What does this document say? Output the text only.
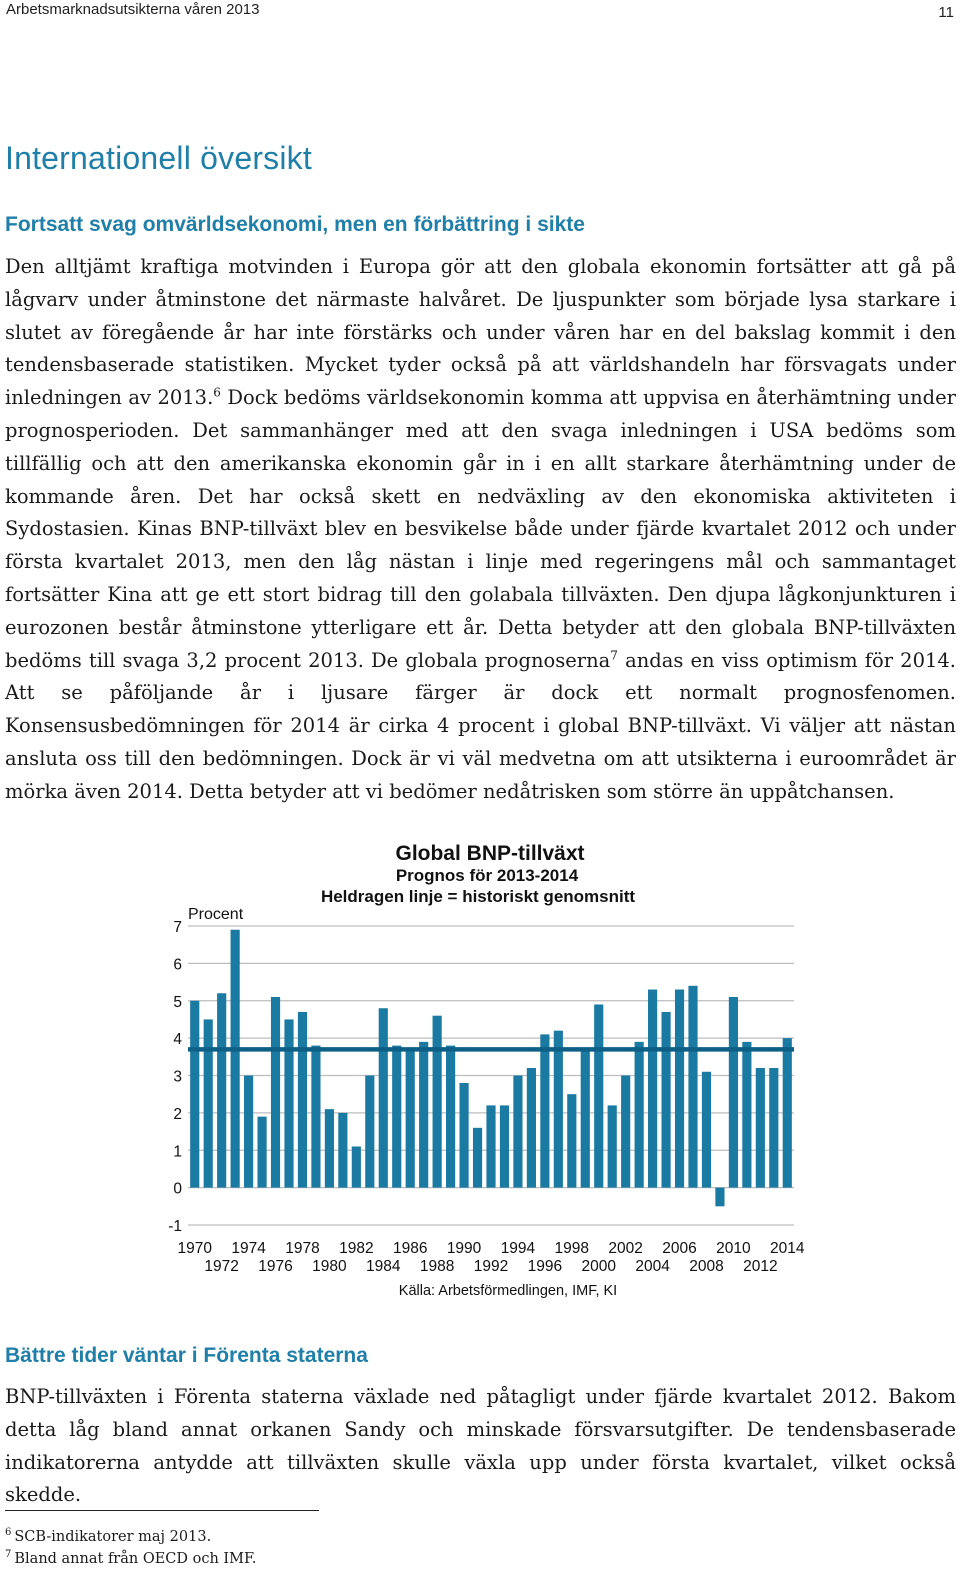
Arbetsmarknadsutsikterna våren 2013	11
Internationell översikt
Fortsatt svag omvärldsekonomi, men en förbättring i sikte

Den alltjämt kraftiga motvinden i Europa gör att den globala ekonomin fortsätter att gå på lågvarv under åtminstone det närmaste halvåret. De ljuspunkter som började lysa starkare i slutet av föregående år har inte förstärks och under våren har en del bakslag kommit i den tendensbaserade statistiken. Mycket tyder också på att världshandeln har försvagats under inledningen av 2013.$^6$ Dock bedöms världsekonomin komma att uppvisa en återhämtning under prognosperioden. Det sammanhänger med att den svaga inledningen i USA bedöms som tillfällig och att den amerikanska ekonomin går in i en allt starkare återhämtning under de kommande åren. Det har också skett en nedväxling av den ekonomiska aktiviteten i Sydostasien. Kinas BNP-tillväxt blev en besvikelse både under fjärde kvartalet 2012 och under första kvartalet 2013, men den låg nästan i linje med regeringens mål och sammantaget fortsätter Kina att ge ett stort bidrag till den golabala tillväxten. Den djupa lågkonjunkturen i eurozonen består åtminstone ytterligare ett år. Detta betyder att den globala BNP-tillväxten bedöms till svaga 3,2 procent 2013. De globala prognoserna$^7$ andas en viss optimism för 2014. Att se påföljande år i ljusare färger är dock ett normalt prognosfenomen. Konsensusbedömningen för 2014 är cirka 4 procent i global BNP-tillväxt. Vi väljer att nästan ansluta oss till den bedömningen. Dock är vi väl medvetna om att utsikterna i euroområdet är mörka även 2014. Detta betyder att vi bedömer nedåtrisken som större än uppåtchansen.

Global BNP-tillväxt
Prognos för 2013-2014
Heldragen linje = historiskt genomsnitt
Procent
-1
0
1
2
3
4
5
6
7
1970 1974 1978 1982 1986 1990 1994 1998 2002 2006 2010 2014
1972 1976 1980 1984 1988 1992 1996 2000 2004 2008 2012
Källa: Arbetsförmedlingen, IMF, KI
Bättre tider väntar i Förenta staterna

BNP-tillväxten i Förenta staterna växlade ned påtagligt under fjärde kvartalet 2012. Bakom detta låg bland annat orkanen Sandy och minskade försvarsutgifter. De tendensbaserade indikatorerna antydde att tillväxten skulle växla upp under första kvartalet, vilket också skedde.

$^6$ SCB-indikatorer maj 2013.

$^7$ Bland annat från OECD och IMF.
